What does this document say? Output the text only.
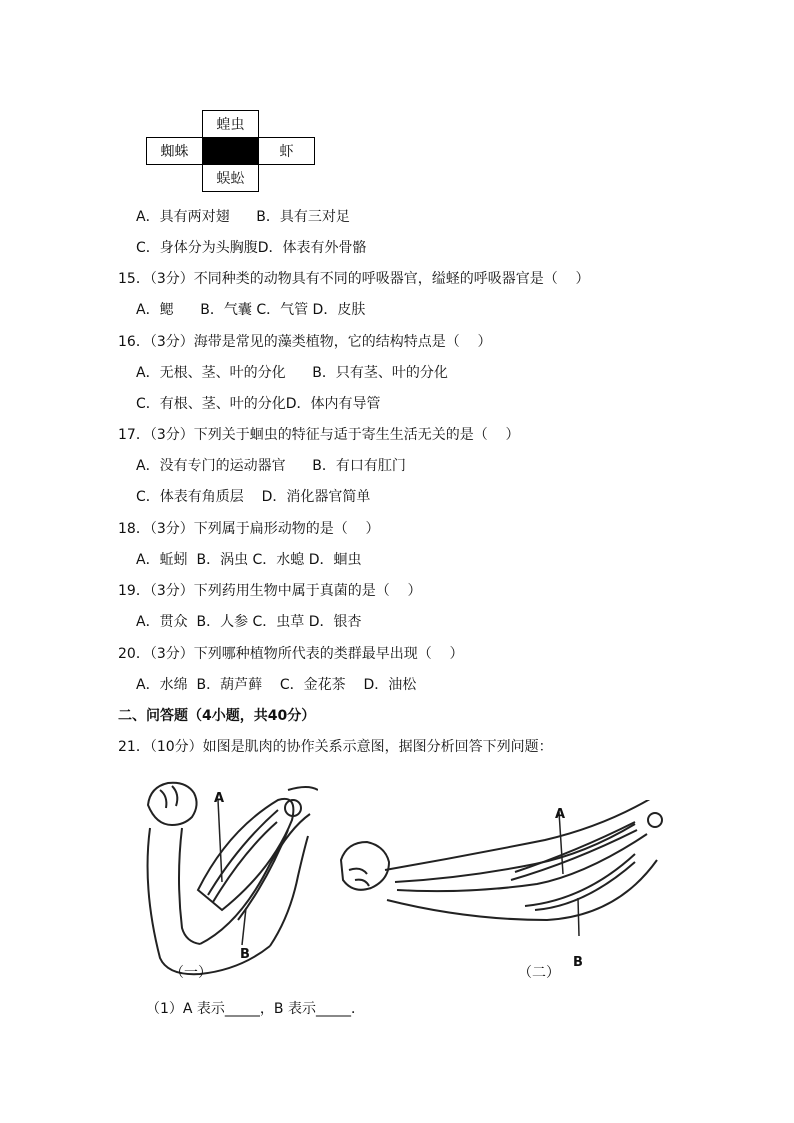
	蝗虫	
蜘蛛		虾
	蜈蚣	
A．具有两对翅      B．具有三对足
C．身体分为头胸腹D．体表有外骨骼
15．（3分）不同种类的动物具有不同的呼吸器官，缢蛏的呼吸器官是（    ）
A．鳃      B．气囊 C．气管 D．皮肤
16．（3分）海带是常见的藻类植物，它的结构特点是（    ）
A．无根、茎、叶的分化      B．只有茎、叶的分化
C．有根、茎、叶的分化D．体内有导管
17．（3分）下列关于蛔虫的特征与适于寄生生活无关的是（    ）
A．没有专门的运动器官      B．有口有肛门
C．体表有角质层    D．消化器官简单
18．（3分）下列属于扁形动物的是（    ）
A．蚯蚓  B．涡虫 C．水螅 D．蛔虫
19．（3分）下列药用生物中属于真菌的是（    ）
A．贯众  B．人参 C．虫草 D．银杏
20．（3分）下列哪种植物所代表的类群最早出现（    ）
A．水绵  B．葫芦藓    C．金花茶    D．油松
二、问答题（4小题，共40分）
21．（10分）如图是肌肉的协作关系示意图，据图分析回答下列问题：
A
B
（一）
A
B
（二）
（1）A 表示_____，B 表示_____．
